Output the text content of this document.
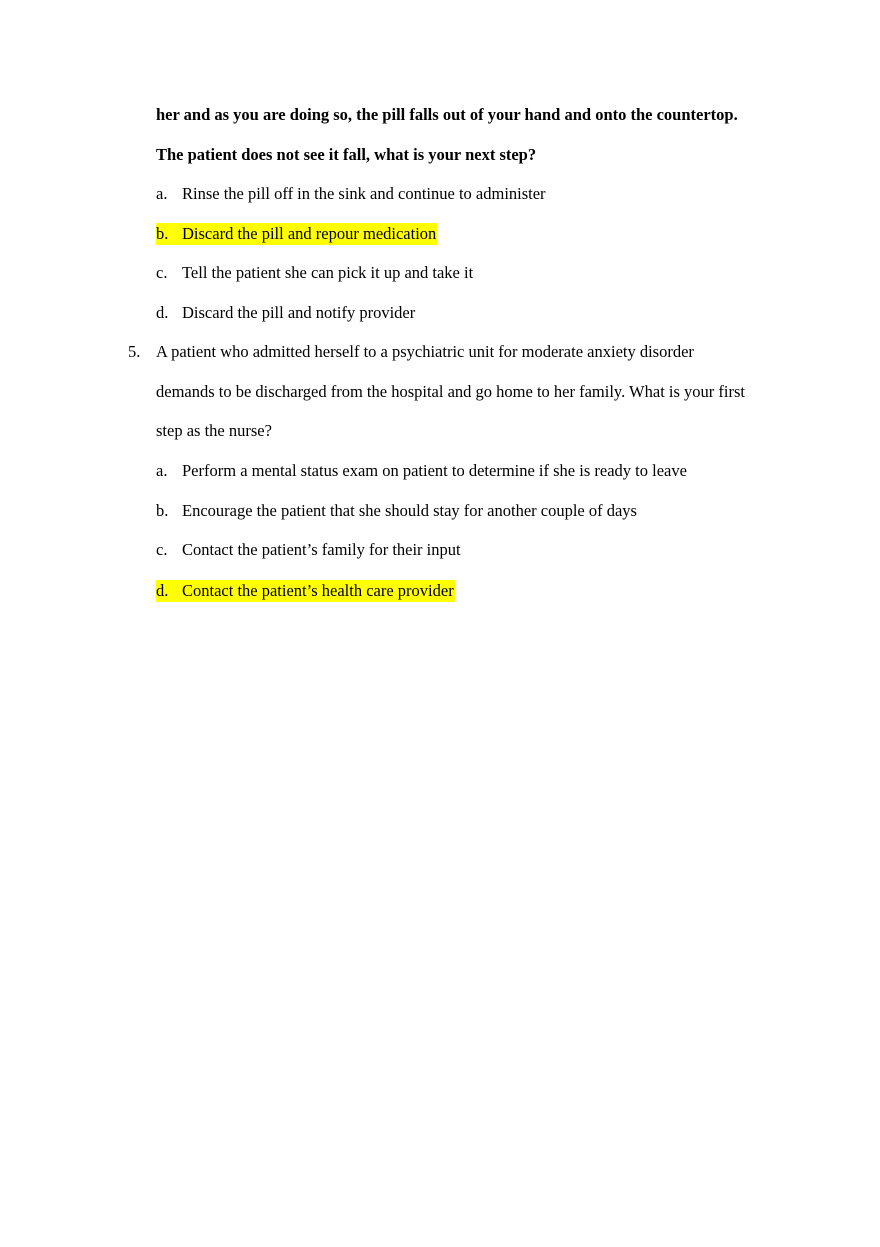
her and as you are doing so, the pill falls out of your hand and onto the countertop.
The patient does not see it fall, what is your next step?
a. Rinse the pill off in the sink and continue to administer
b. Discard the pill and repour medication
c. Tell the patient she can pick it up and take it
d. Discard the pill and notify provider
5. A patient who admitted herself to a psychiatric unit for moderate anxiety disorder
demands to be discharged from the hospital and go home to her family. What is your first
step as the nurse?
a. Perform a mental status exam on patient to determine if she is ready to leave
b. Encourage the patient that she should stay for another couple of days
c. Contact the patient’s family for their input
d. Contact the patient’s health care provider
